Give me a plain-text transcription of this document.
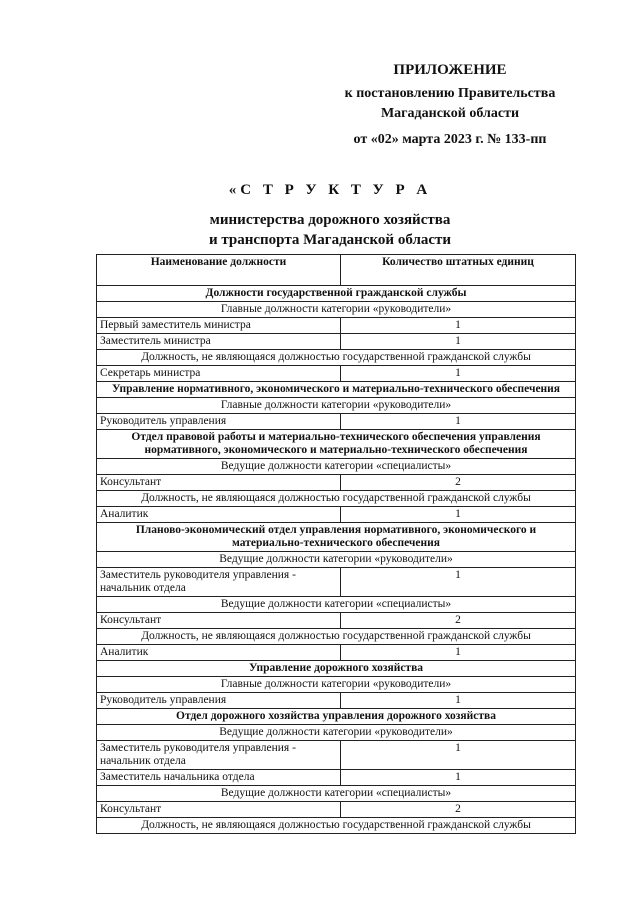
ПРИЛОЖЕНИЕ
к постановлению Правительства
Магаданской области
от «02» марта 2023 г. № 133-пп
«С Т Р У К Т У Р А
министерства дорожного хозяйства
и транспорта Магаданской области
Наименование должности	Количество штатных единиц
Должности государственной гражданской службы	
Главные должности категории «руководители»	
Первый заместитель министра	1
Заместитель министра	1
Должность, не являющаяся должностью государственной гражданской службы	
Секретарь министра	1
Управление нормативного, экономического и материально-технического обеспечения	
Главные должности категории «руководители»	
Руководитель управления	1
Отдел правовой работы и материально-технического обеспечения управления нормативного, экономического и материально-технического обеспечения	
Ведущие должности категории «специалисты»	
Консультант	2
Должность, не являющаяся должностью государственной гражданской службы	
Аналитик	1
Планово-экономический отдел управления нормативного, экономического и материально-технического обеспечения	
Ведущие должности категории «руководители»	
Заместитель руководителя управления - начальник отдела	1
Ведущие должности категории «специалисты»	
Консультант	2
Должность, не являющаяся должностью государственной гражданской службы	
Аналитик	1
Управление дорожного хозяйства	
Главные должности категории «руководители»	
Руководитель управления	1
Отдел дорожного хозяйства управления дорожного хозяйства	
Ведущие должности категории «руководители»	
Заместитель руководителя управления - начальник отдела	1
Заместитель начальника отдела	1
Ведущие должности категории «специалисты»	
Консультант	2
Должность, не являющаяся должностью государственной гражданской службы	
